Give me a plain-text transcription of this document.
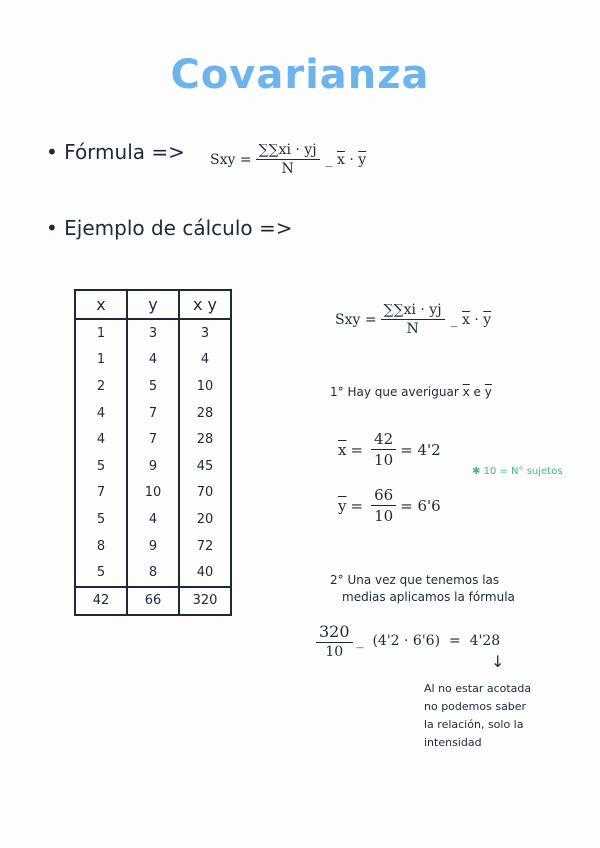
Covarianza
• Fórmula => Sxy = $\frac{\sum\sum xi \cdot yj}{N}$ _ $\overline{x} \cdot \overline{y}$
• Ejemplo de cálculo =>
x	y	x y
1	3	3
1	4	4
2	5	10
4	7	28
4	7	28
5	9	45
7	10	70
5	4	20
8	9	72
5	8	40
42	66	320
Sxy = $\frac{\sum\sum xi \cdot yj}{N}$ _ $\overline{x} \cdot \overline{y}$
1° Hay que averiguar $\overline{x}$ e $\overline{y}$
$\overline{x} = \frac{42}{10} = 4'2$
✱ 10 = N° sujetos
$\overline{y} = \frac{66}{10} = 6'6$
2° Una vez que tenemos las
medias aplicamos la fórmula
$\frac{320}{10}$ _  (4'2 · 6'6)  =  4'28
↓
Al no estar acotada
no podemos saber
la relación, solo la
intensidad
